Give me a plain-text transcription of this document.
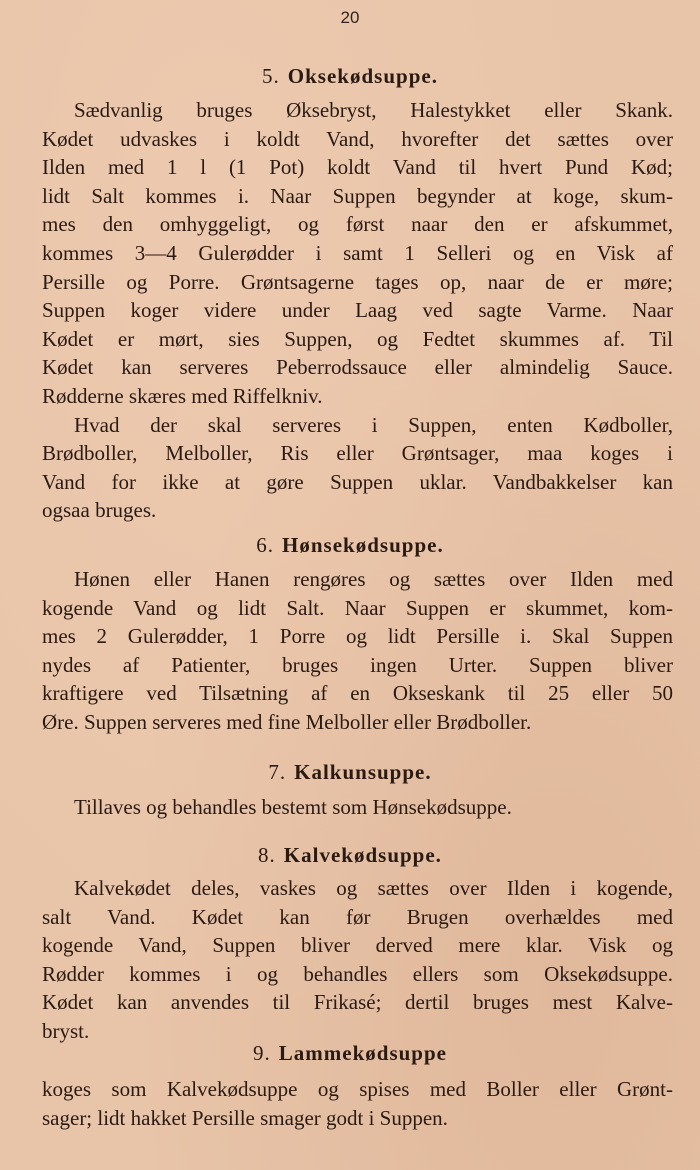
20
5. Oksekødsuppe.
Sædvanlig bruges Øksebryst, Halestykket eller Skank.
Kødet udvaskes i koldt Vand, hvorefter det sættes over
Ilden med 1 l (1 Pot) koldt Vand til hvert Pund Kød;
lidt Salt kommes i. Naar Suppen begynder at koge, skum-
mes den omhyggeligt, og først naar den er afskummet,
kommes 3—4 Gulerødder i samt 1 Selleri og en Visk af
Persille og Porre. Grøntsagerne tages op, naar de er møre;
Suppen koger videre under Laag ved sagte Varme. Naar
Kødet er mørt, sies Suppen, og Fedtet skummes af. Til
Kødet kan serveres Peberrodssauce eller almindelig Sauce.
Rødderne skæres med Riffelkniv.
Hvad der skal serveres i Suppen, enten Kødboller,
Brødboller, Melboller, Ris eller Grøntsager, maa koges i
Vand for ikke at gøre Suppen uklar. Vandbakkelser kan
ogsaa bruges.
6. Hønsekødsuppe.
Hønen eller Hanen rengøres og sættes over Ilden med
kogende Vand og lidt Salt. Naar Suppen er skummet, kom-
mes 2 Gulerødder, 1 Porre og lidt Persille i. Skal Suppen
nydes af Patienter, bruges ingen Urter. Suppen bliver
kraftigere ved Tilsætning af en Okseskank til 25 eller 50
Øre. Suppen serveres med fine Melboller eller Brødboller.
7. Kalkunsuppe.
Tillaves og behandles bestemt som Hønsekødsuppe.
8. Kalvekødsuppe.
Kalvekødet deles, vaskes og sættes over Ilden i kogende,
salt Vand. Kødet kan før Brugen overhældes med
kogende Vand, Suppen bliver derved mere klar. Visk og
Rødder kommes i og behandles ellers som Oksekødsuppe.
Kødet kan anvendes til Frikasé; dertil bruges mest Kalve-
bryst.
9. Lammekødsuppe
koges som Kalvekødsuppe og spises med Boller eller Grønt-
sager; lidt hakket Persille smager godt i Suppen.
